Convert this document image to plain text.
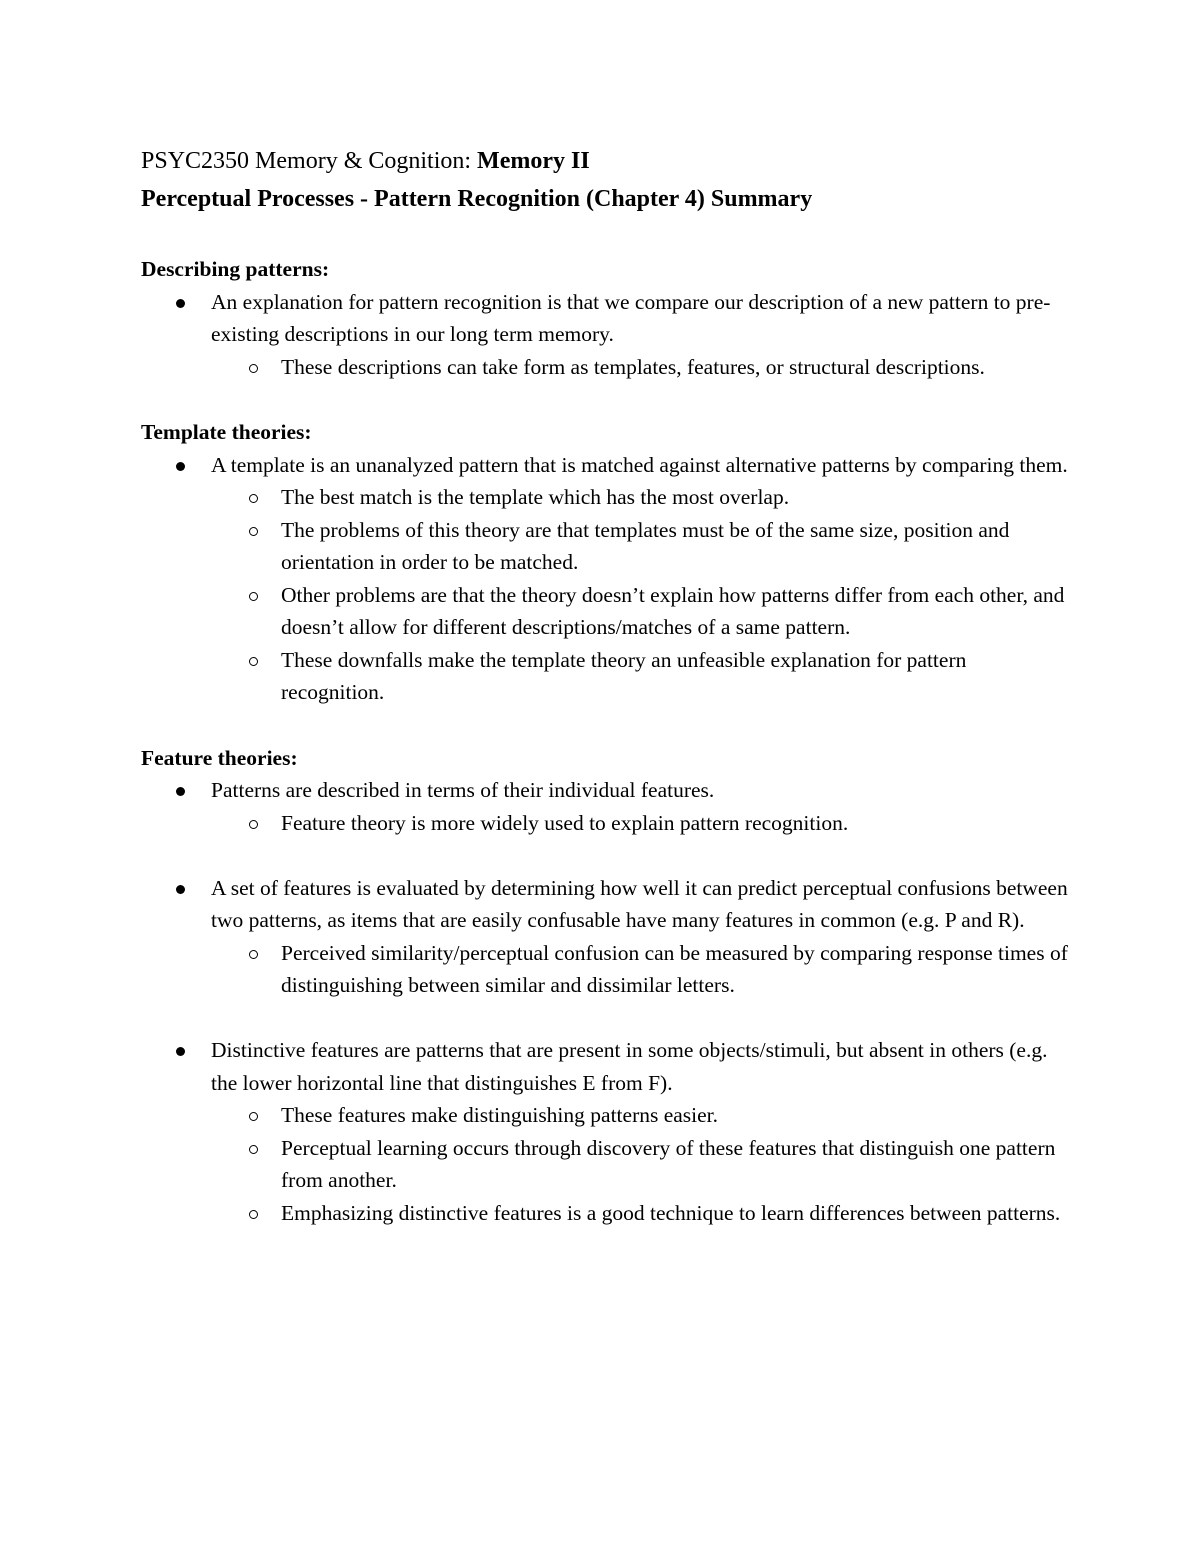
PSYC2350 Memory & Cognition: Memory II
Perceptual Processes - Pattern Recognition (Chapter 4) Summary
Describing patterns:
An explanation for pattern recognition is that we compare our description of a new pattern to pre-existing descriptions in our long term memory.
These descriptions can take form as templates, features, or structural descriptions.
Template theories:
A template is an unanalyzed pattern that is matched against alternative patterns by comparing them.
The best match is the template which has the most overlap.
The problems of this theory are that templates must be of the same size, position and orientation in order to be matched.
Other problems are that the theory doesn’t explain how patterns differ from each other, and doesn’t allow for different descriptions/matches of a same pattern.
These downfalls make the template theory an unfeasible explanation for pattern recognition.
Feature theories:
Patterns are described in terms of their individual features.
Feature theory is more widely used to explain pattern recognition.
A set of features is evaluated by determining how well it can predict perceptual confusions between two patterns, as items that are easily confusable have many features in common (e.g. P and R).
Perceived similarity/perceptual confusion can be measured by comparing response times of distinguishing between similar and dissimilar letters.
Distinctive features are patterns that are present in some objects/stimuli, but absent in others (e.g. the lower horizontal line that distinguishes E from F).
These features make distinguishing patterns easier.
Perceptual learning occurs through discovery of these features that distinguish one pattern from another.
Emphasizing distinctive features is a good technique to learn differences between patterns.
